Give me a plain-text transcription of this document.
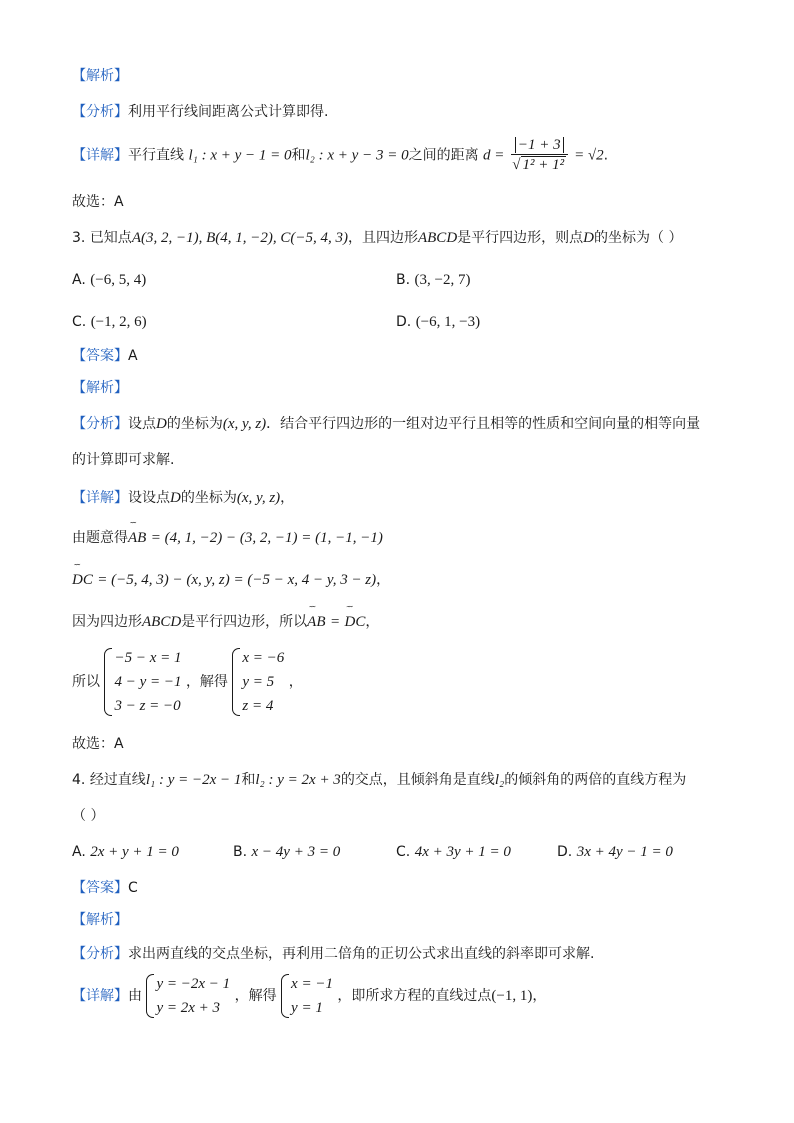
【解析】
【分析】利用平行线间距离公式计算即得.
【详解】平行直线 l₁ : x + y − 1 = 0和l₂ : x + y − 3 = 0之间的距离 $d = \frac{-1 + 3}{\text{√ 1² + 1²}} = √2$.
故选：A
3. 已知点A(3, 2, −1), B(4, 1, −2), C(−5, 4, 3)，且四边形ABCD是平行四边形，则点D的坐标为（ ）
A. (−6, 5, 4)	B. (3, −2, 7)
C. (−1, 2, 6)	D. (−6, 1, −3)
【答案】A
【解析】
【分析】设点D的坐标为(x, y, z)．结合平行四边形的一组对边平行且相等的性质和空间向量的相等向量
的计算即可求解.
【详解】设设点D的坐标为(x, y, z)，
由题意得˜˜ AB = (4, 1, −2) − (3, 2, −1) = (1, −1, −1)
˜˜ DC = (−5, 4, 3) − (x, y, z) = (−5 − x, 4 − y, 3 − z)，
因为四边形ABCD是平行四边形，所以˜˜ AB = ˜˜ DC，
所以
−5 − x = 1
4 − y = −1
3 − z = −0
，解得
x = −6
y = 5
z = 4
，
故选：A
4. 经过直线l₁ : y = −2x − 1和l₂ : y = 2x + 3的交点，且倾斜角是直线l₂的倾斜角的两倍的直线方程为
（ ）
A. 2x + y + 1 = 0	B. x − 4y + 3 = 0	C. 4x + 3y + 1 = 0	D. 3x + 4y − 1 = 0
【答案】C
【解析】
【分析】求出两直线的交点坐标，再利用二倍角的正切公式求出直线的斜率即可求解.
【详解】由
y = −2x − 1
y = 2x + 3
，解得
x = −1
y = 1
，即所求方程的直线过点(−1, 1)，
